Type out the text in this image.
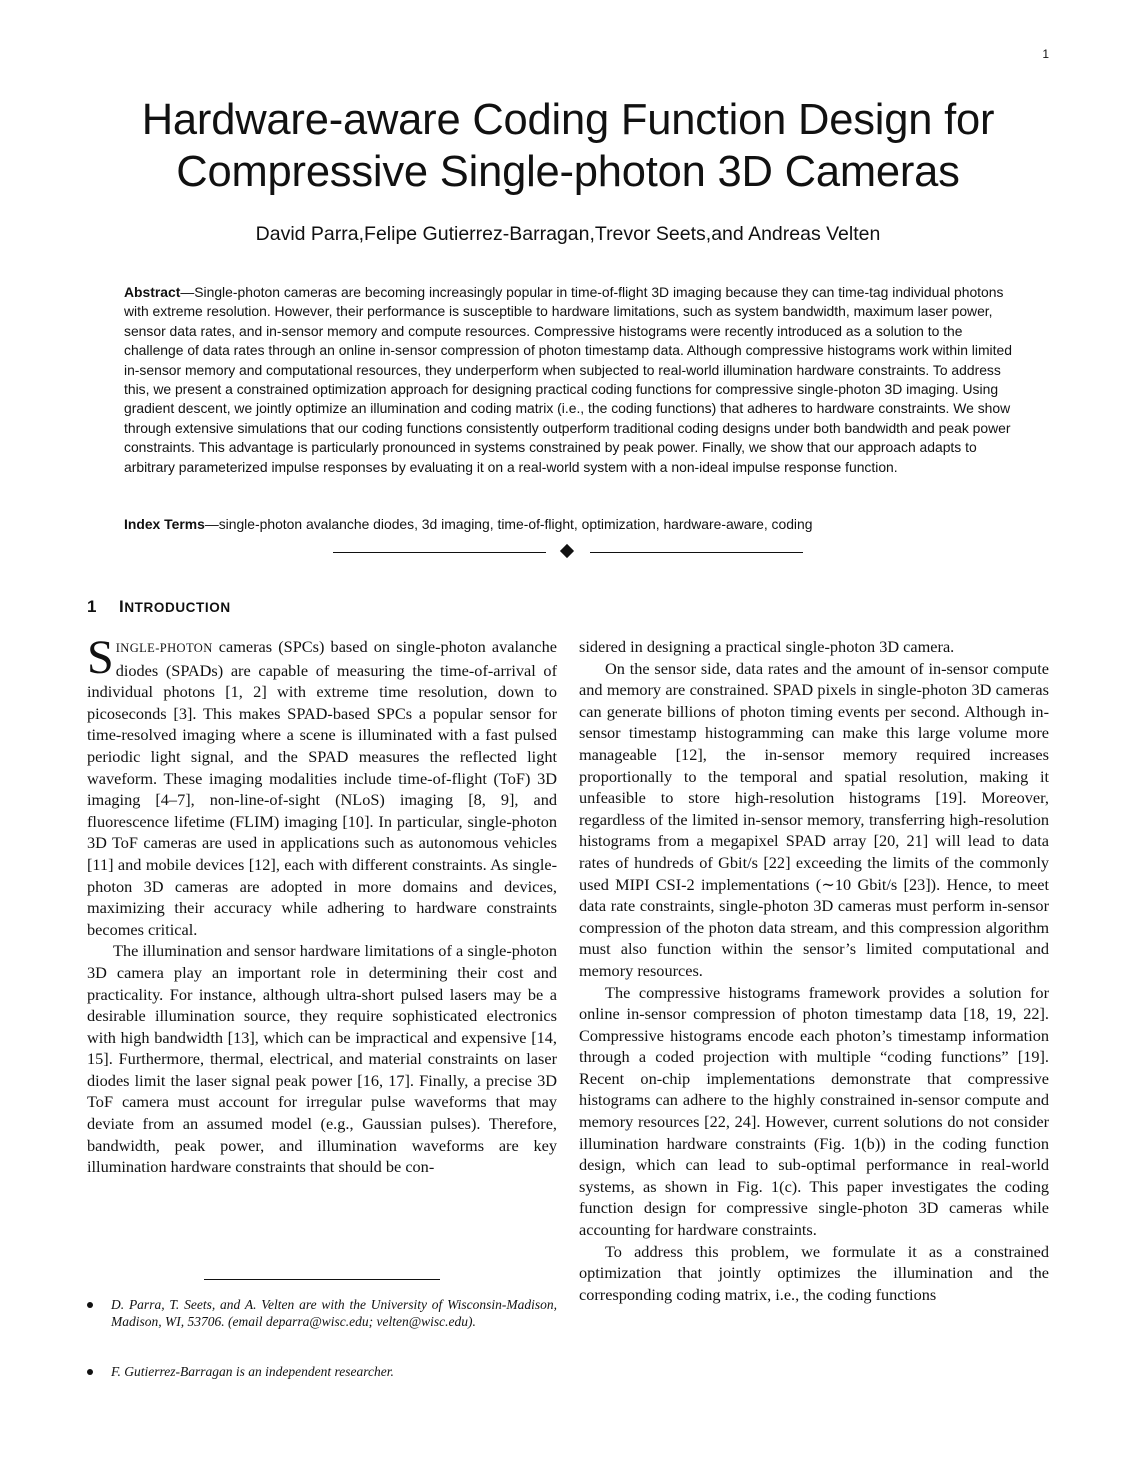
1
Hardware-aware Coding Function Design for
Compressive Single-photon 3D Cameras
David Parra,Felipe Gutierrez-Barragan,Trevor Seets,and Andreas Velten

Abstract—Single-photon cameras are becoming increasingly popular in time-of-flight 3D imaging because they can time-tag individual photons with extreme resolution. However, their performance is susceptible to hardware limitations, such as system bandwidth, maximum laser power, sensor data rates, and in-sensor memory and compute resources. Compressive histograms were recently introduced as a solution to the challenge of data rates through an online in-sensor compression of photon timestamp data. Although compressive histograms work within limited in-sensor memory and computational resources, they underperform when subjected to real-world illumination hardware constraints. To address this, we present a constrained optimization approach for designing practical coding functions for compressive single-photon 3D imaging. Using gradient descent, we jointly optimize an illumination and coding matrix (i.e., the coding functions) that adheres to hardware constraints. We show through extensive simulations that our coding functions consistently outperform traditional coding designs under both bandwidth and peak power constraints. This advantage is particularly pronounced in systems constrained by peak power. Finally, we show that our approach adapts to arbitrary parameterized impulse responses by evaluating it on a real-world system with a non-ideal impulse response function.

Index Terms—single-photon avalanche diodes, 3d imaging, time-of-flight, optimization, hardware-aware, coding

1 INTRODUCTION

SINGLE-PHOTON cameras (SPCs) based on single-photon avalanche diodes (SPADs) are capable of measuring the time-of-arrival of individual photons [1, 2] with extreme time resolution, down to picoseconds [3]. This makes SPAD-based SPCs a popular sensor for time-resolved imaging where a scene is illuminated with a fast pulsed periodic light signal, and the SPAD measures the reflected light waveform. These imaging modalities include time-of-flight (ToF) 3D imaging [4–7], non-line-of-sight (NLoS) imaging [8, 9], and fluorescence lifetime (FLIM) imaging [10]. In particular, single-photon 3D ToF cameras are used in applications such as autonomous vehicles [11] and mobile devices [12], each with different constraints. As single-photon 3D cameras are adopted in more domains and devices, maximizing their accuracy while adhering to hardware constraints becomes critical.

The illumination and sensor hardware limitations of a single-photon 3D camera play an important role in determining their cost and practicality. For instance, although ultra-short pulsed lasers may be a desirable illumination source, they require sophisticated electronics with high bandwidth [13], which can be impractical and expensive [14, 15]. Furthermore, thermal, electrical, and material constraints on laser diodes limit the laser signal peak power [16, 17]. Finally, a precise 3D ToF camera must account for irregular pulse waveforms that may deviate from an assumed model (e.g., Gaussian pulses). Therefore, bandwidth, peak power, and illumination waveforms are key illumination hardware constraints that should be con-

sidered in designing a practical single-photon 3D camera.

On the sensor side, data rates and the amount of in-sensor compute and memory are constrained. SPAD pixels in single-photon 3D cameras can generate billions of photon timing events per second. Although in-sensor timestamp histogramming can make this large volume more manageable [12], the in-sensor memory required increases proportionally to the temporal and spatial resolution, making it unfeasible to store high-resolution histograms [19]. Moreover, regardless of the limited in-sensor memory, transferring high-resolution histograms from a megapixel SPAD array [20, 21] will lead to data rates of hundreds of Gbit/s [22] exceeding the limits of the commonly used MIPI CSI-2 implementations (∼10 Gbit/s [23]). Hence, to meet data rate constraints, single-photon 3D cameras must perform in-sensor compression of the photon data stream, and this compression algorithm must also function within the sensor’s limited computational and memory resources.

The compressive histograms framework provides a solution for online in-sensor compression of photon timestamp data [18, 19, 22]. Compressive histograms encode each photon’s timestamp information through a coded projection with multiple “coding functions” [19]. Recent on-chip implementations demonstrate that compressive histograms can adhere to the highly constrained in-sensor compute and memory resources [22, 24]. However, current solutions do not consider illumination hardware constraints (Fig. 1(b)) in the coding function design, which can lead to sub-optimal performance in real-world systems, as shown in Fig. 1(c). This paper investigates the coding function design for compressive single-photon 3D cameras while accounting for hardware constraints.

To address this problem, we formulate it as a constrained optimization that jointly optimizes the illumination and the corresponding coding matrix, i.e., the coding functions

D. Parra, T. Seets, and A. Velten are with the University of Wisconsin-Madison, Madison, WI, 53706. (email deparra@wisc.edu; velten@wisc.edu).
F. Gutierrez-Barragan is an independent researcher.
